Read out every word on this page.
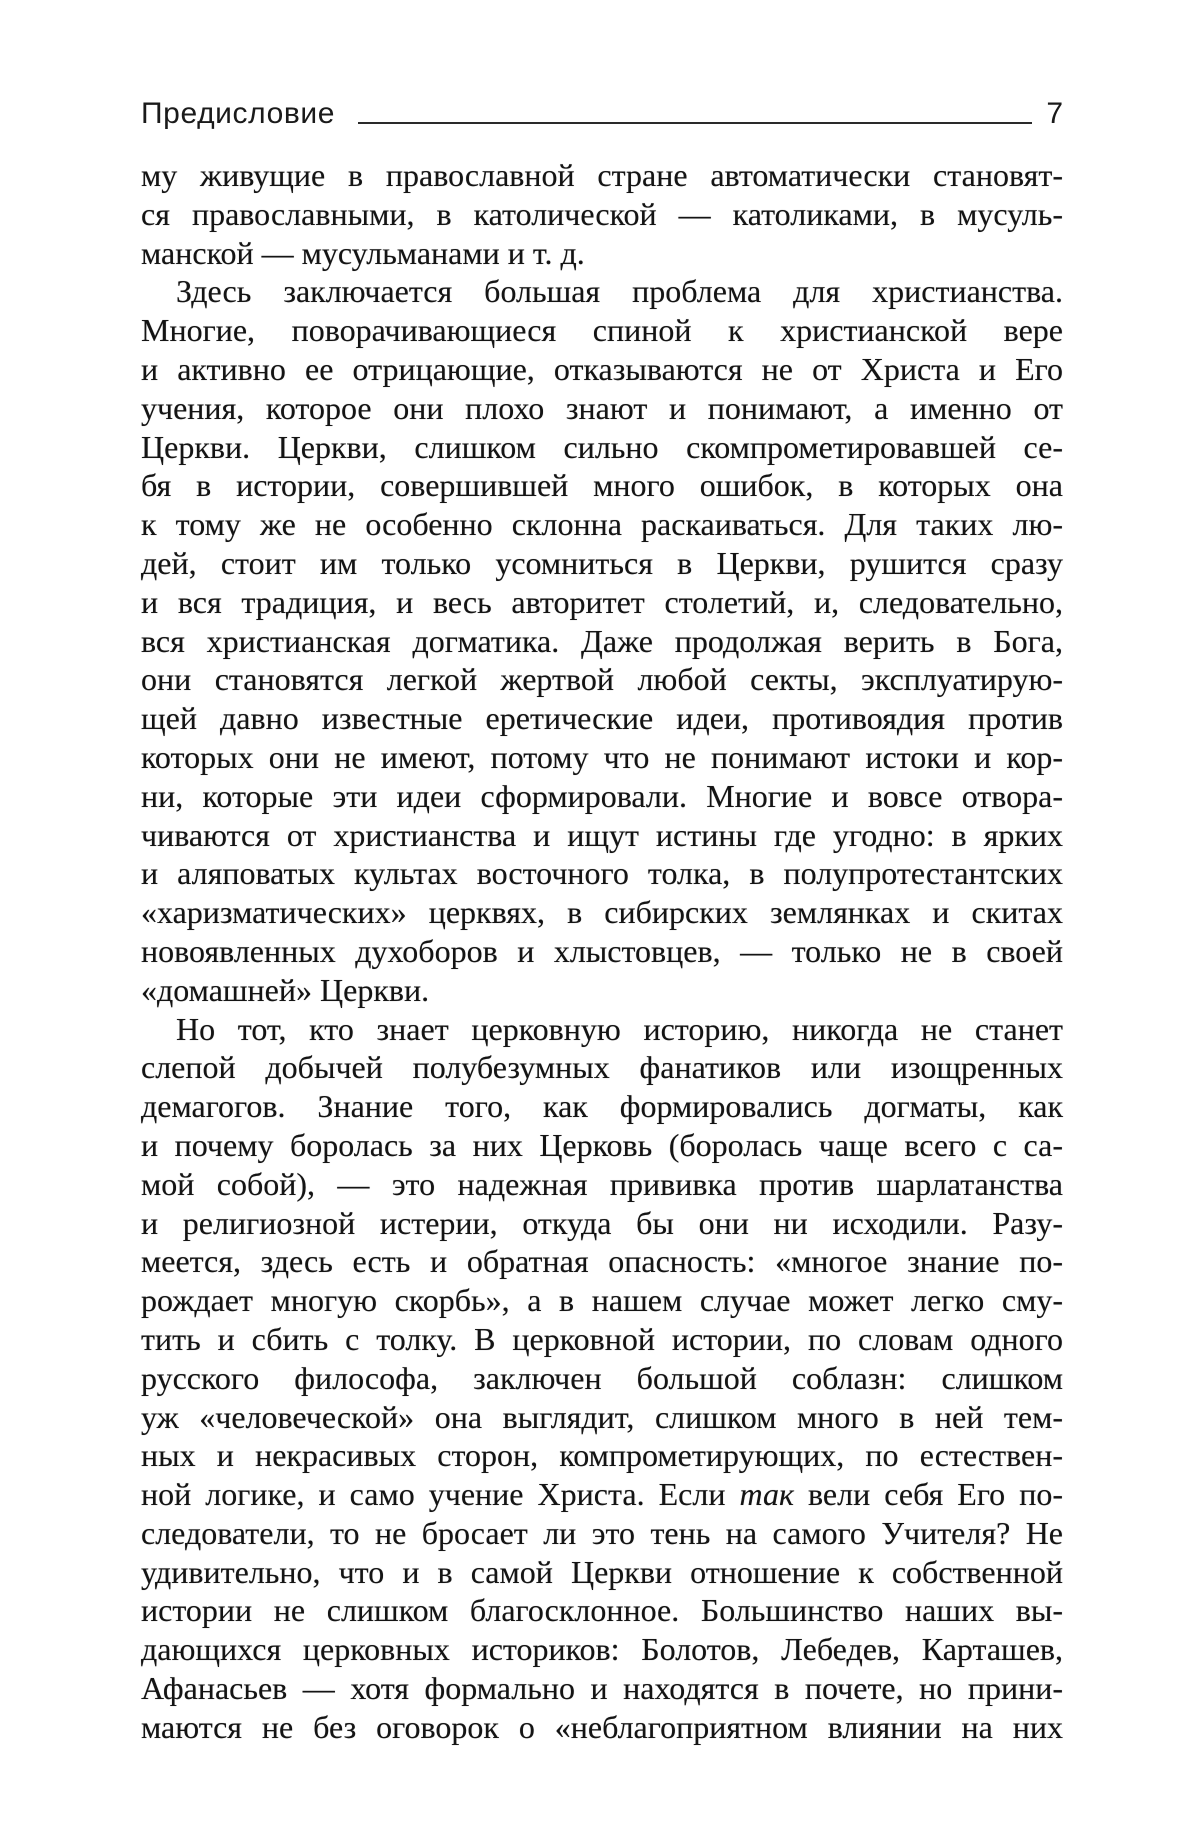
Предисловие	7
му живущие в православной стране автоматически становят-
ся православными, в католической — католиками, в мусуль-
манской — мусульманами и т. д.
Здесь заключается большая проблема для христианства.
Многие, поворачивающиеся спиной к христианской вере
и активно ее отрицающие, отказываются не от Христа и Его
учения, которое они плохо знают и понимают, а именно от
Церкви. Церкви, слишком сильно скомпрометировавшей се-
бя в истории, совершившей много ошибок, в которых она
к тому же не особенно склонна раскаиваться. Для таких лю-
дей, стоит им только усомниться в Церкви, рушится сразу
и вся традиция, и весь авторитет столетий, и, следовательно,
вся христианская догматика. Даже продолжая верить в Бога,
они становятся легкой жертвой любой секты, эксплуатирую-
щей давно известные еретические идеи, противоядия против
которых они не имеют, потому что не понимают истоки и кор-
ни, которые эти идеи сформировали. Многие и вовсе отвора-
чиваются от христианства и ищут истины где угодно: в ярких
и аляповатых культах восточного толка, в полупротестантских
«харизматических» церквях, в сибирских землянках и скитах
новоявленных духоборов и хлыстовцев, — только не в своей
«домашней» Церкви.
Но тот, кто знает церковную историю, никогда не станет
слепой добычей полубезумных фанатиков или изощренных
демагогов. Знание того, как формировались догматы, как
и почему боролась за них Церковь (боролась чаще всего с са-
мой собой), — это надежная прививка против шарлатанства
и религиозной истерии, откуда бы они ни исходили. Разу-
меется, здесь есть и обратная опасность: «многое знание по-
рождает многую скорбь», а в нашем случае может легко сму-
тить и сбить с толку. В церковной истории, по словам одного
русского философа, заключен большой соблазн: слишком
уж «человеческой» она выглядит, слишком много в ней тем-
ных и некрасивых сторон, компрометирующих, по естествен-
ной логике, и само учение Христа. Если так вели себя Его по-
следователи, то не бросает ли это тень на самого Учителя? Не
удивительно, что и в самой Церкви отношение к собственной
истории не слишком благосклонное. Большинство наших вы-
дающихся церковных историков: Болотов, Лебедев, Карташев,
Афанасьев — хотя формально и находятся в почете, но прини-
маются не без оговорок о «неблагоприятном влиянии на них
